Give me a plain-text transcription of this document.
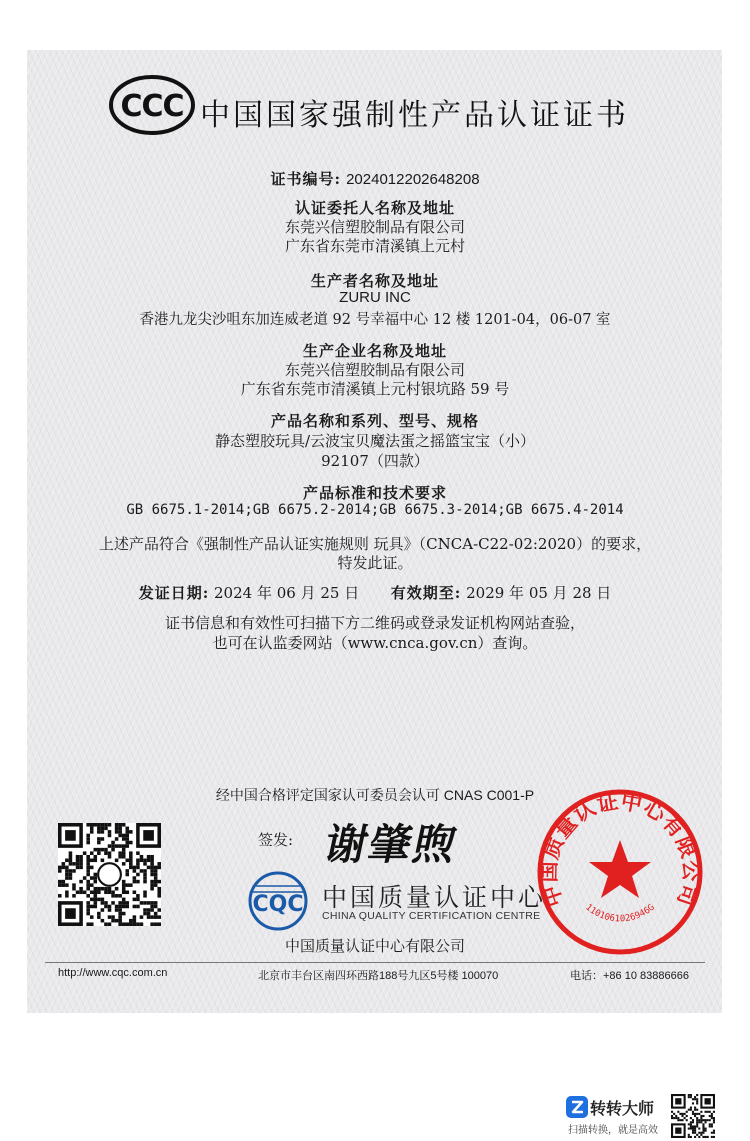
CCC 中国国家强制性产品认证证书
证书编号: 2024012202648208
认证委托人名称及地址
东莞兴信塑胶制品有限公司
广东省东莞市清溪镇上元村
生产者名称及地址
ZURU INC
香港九龙尖沙咀东加连威老道 92 号幸福中心 12 楼 1201-04，06-07 室
生产企业名称及地址
东莞兴信塑胶制品有限公司
广东省东莞市清溪镇上元村银坑路 59 号
产品名称和系列、型号、规格
静态塑胶玩具/云波宝贝魔法蛋之摇篮宝宝（小）
92107（四款）
产品标准和技术要求
GB 6675.1-2014;GB 6675.2-2014;GB 6675.3-2014;GB 6675.4-2014
上述产品符合《强制性产品认证实施规则 玩具》（CNCA-C22-02:2020）的要求，
特发此证。
发证日期: 2024 年 06 月 25 日 有效期至: 2029 年 05 月 28 日
证书信息和有效性可扫描下方二维码或登录发证机构网站查验，
也可在认监委网站（www.cnca.gov.cn）查询。
经中国合格评定国家认可委员会认可 CNAS C001-P
签发: 谢肇煦
CQC 中国质量认证中心
CHINA QUALITY CERTIFICATION CENTRE
中国质量认证中心有限公司
中国质量认证中心有限公司
1101061026946G
http://www.cqc.com.cn	北京市丰台区南四环西路188号九区5号楼 100070	电话：+86 10 83886666
转转大师
扫描转换，就是高效
